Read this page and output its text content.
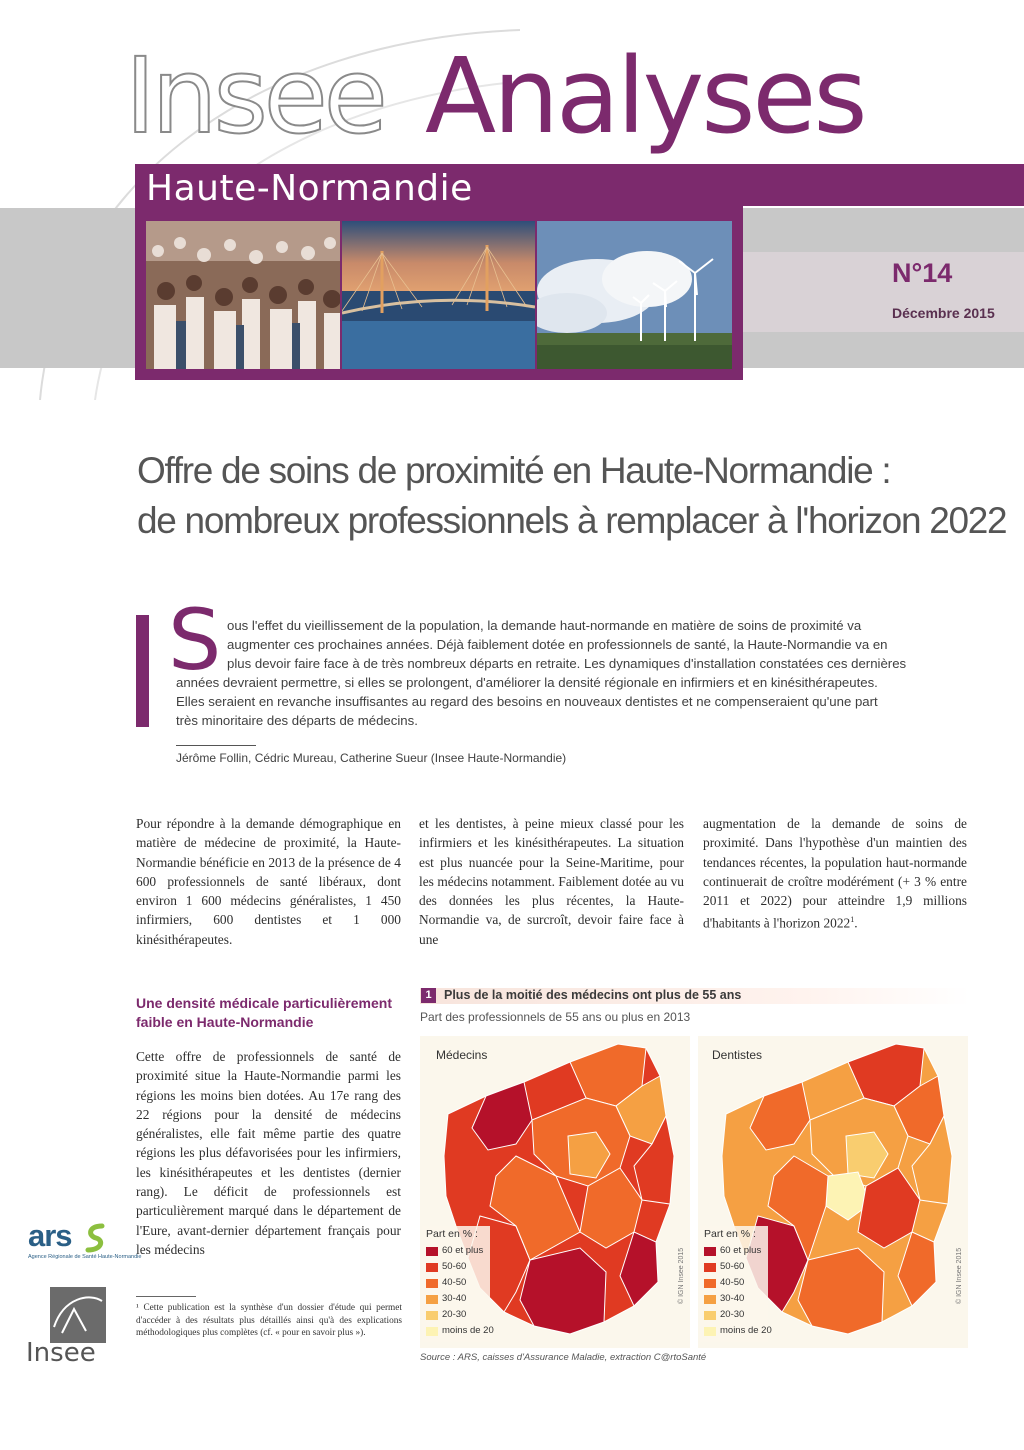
Insee Analyses
Haute-Normandie
N°14
Décembre 2015
Offre de soins de proximité en Haute-Normandie :
de nombreux professionnels à remplacer à l'horizon 2022
S ous l'effet du vieillissement de la population, la demande haut-normande en matière de soins de proximité va
augmenter ces prochaines années. Déjà faiblement dotée en professionnels de santé, la Haute-Normandie va en
plus devoir faire face à de très nombreux départs en retraite. Les dynamiques d'installation constatées ces dernières
années devraient permettre, si elles se prolongent, d'améliorer la densité régionale en infirmiers et en kinésithérapeutes.
Elles seraient en revanche insuffisantes au regard des besoins en nouveaux dentistes et ne compenseraient qu'une part
très minoritaire des départs de médecins.
Jérôme Follin, Cédric Mureau, Catherine Sueur (Insee Haute-Normandie)
Pour répondre à la demande démographique en matière de médecine de proximité, la Haute-Normandie bénéficie en 2013 de la présence de 4 600 professionnels de santé libéraux, dont environ 1 600 médecins généralistes, 1 450 infirmiers, 600 dentistes et 1 000 kinésithérapeutes.
et les dentistes, à peine mieux classé pour les infirmiers et les kinésithérapeutes. La situation est plus nuancée pour la Seine-Maritime, pour les médecins notamment. Faiblement dotée au vu des données les plus récentes, la Haute-Normandie va, de surcroît, devoir faire face à une
augmentation de la demande de soins de proximité. Dans l'hypothèse d'un maintien des tendances récentes, la population haut-normande continuerait de croître modérément (+ 3 % entre 2011 et 2022) pour atteindre 1,9 millions d'habitants à l'horizon 2022$^1$.
Une densité médicale particulièrement faible en Haute-Normandie
Cette offre de professionnels de santé de proximité situe la Haute-Normandie parmi les régions les moins bien dotées. Au 17e rang des 22 régions pour la densité de médecins généralistes, elle fait même partie des quatre régions les plus défavorisées pour les infirmiers, les kinésithérapeutes et les dentistes (dernier rang). Le déficit de professionnels est particulièrement marqué dans le département de l'Eure, avant-dernier département français pour les médecins
1 Plus de la moitié des médecins ont plus de 55 ans
Part des professionnels de 55 ans ou plus en 2013
Médecins
Part en % :
60 et plus
50-60
40-50
30-40
20-30
moins de 20
© IGN Insee 2015
Dentistes
Part en % :
60 et plus
50-60
40-50
30-40
20-30
moins de 20
© IGN Insee 2015
Source : ARS, caisses d'Assurance Maladie, extraction C@rtoSanté
ars
Agence Régionale de Santé Haute-Normandie
Insee
¹ Cette publication est la synthèse d'un dossier d'étude qui permet d'accéder à des résultats plus détaillés ainsi qu'à des explications méthodologiques plus complètes (cf. « pour en savoir plus »).
